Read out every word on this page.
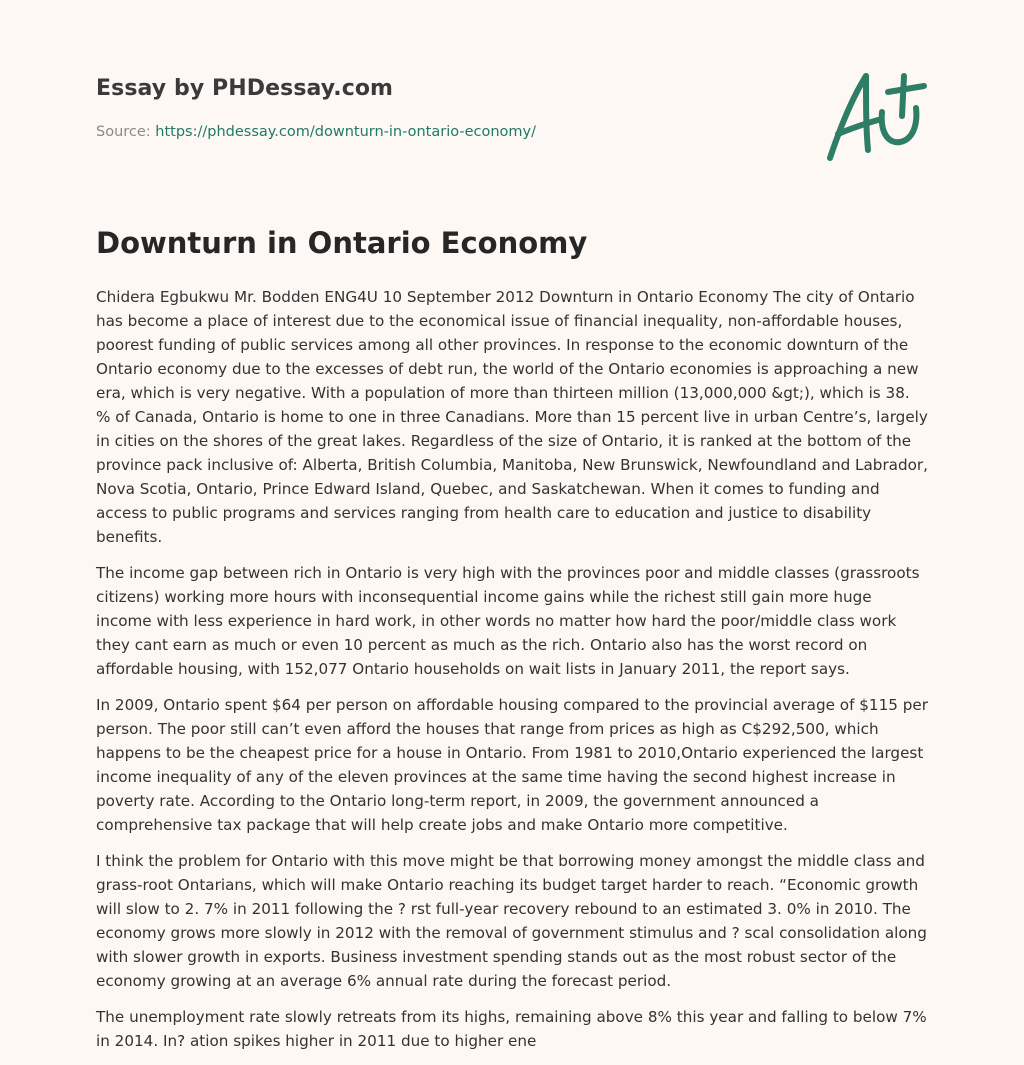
Essay by PHDessay.com
Source: https://phdessay.com/downturn-in-ontario-economy/
Downturn in Ontario Economy

Chidera Egbukwu Mr. Bodden ENG4U 10 September 2012 Downturn in Ontario Economy The city of Ontario has become a place of interest due to the economical issue of financial inequality, non-affordable houses, poorest funding of public services among all other provinces. In response to the economic downturn of the Ontario economy due to the excesses of debt run, the world of the Ontario economies is approaching a new era, which is very negative. With a population of more than thirteen million (13,000,000 &gt;), which is 38. % of Canada, Ontario is home to one in three Canadians. More than 15 percent live in urban Centre’s, largely in cities on the shores of the great lakes. Regardless of the size of Ontario, it is ranked at the bottom of the province pack inclusive of: Alberta, British Columbia, Manitoba, New Brunswick, Newfoundland and Labrador, Nova Scotia, Ontario, Prince Edward Island, Quebec, and Saskatchewan. When it comes to funding and access to public programs and services ranging from health care to education and justice to disability benefits.

The income gap between rich in Ontario is very high with the provinces poor and middle classes (grassroots citizens) working more hours with inconsequential income gains while the richest still gain more huge income with less experience in hard work, in other words no matter how hard the poor/middle class work they cant earn as much or even 10 percent as much as the rich. Ontario also has the worst record on affordable housing, with 152,077 Ontario households on wait lists in January 2011, the report says.

In 2009, Ontario spent $64 per person on affordable housing compared to the provincial average of $115 per person. The poor still can’t even afford the houses that range from prices as high as C$292,500, which happens to be the cheapest price for a house in Ontario. From 1981 to 2010,Ontario experienced the largest income inequality of any of the eleven provinces at the same time having the second highest increase in poverty rate. According to the Ontario long-term report, in 2009, the government announced a comprehensive tax package that will help create jobs and make Ontario more competitive.

I think the problem for Ontario with this move might be that borrowing money amongst the middle class and grass-root Ontarians, which will make Ontario reaching its budget target harder to reach. “Economic growth will slow to 2. 7% in 2011 following the ? rst full-year recovery rebound to an estimated 3. 0% in 2010. The economy grows more slowly in 2012 with the removal of government stimulus and ? scal consolidation along with slower growth in exports. Business investment spending stands out as the most robust sector of the economy growing at an average 6% annual rate during the forecast period.

The unemployment rate slowly retreats from its highs, remaining above 8% this year and falling to below 7% in 2014. In? ation spikes higher in 2011 due to higher ene
